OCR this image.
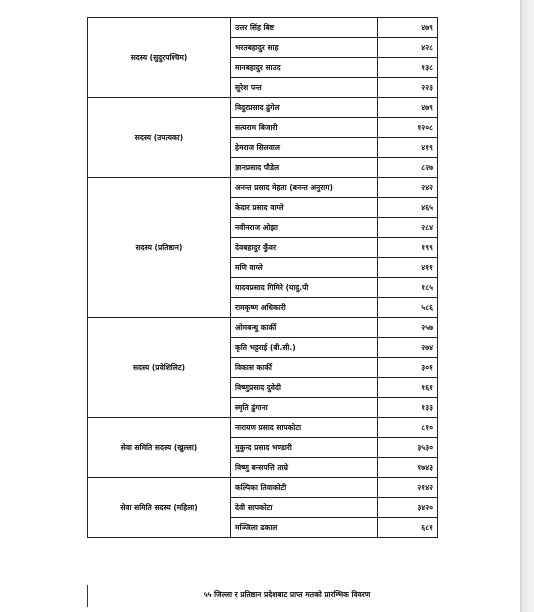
सदस्य (सुदुरपश्चिम)	उत्तर सिंह बिष्ट	४७९
	भरतबहादुर साह	४२८
	मानबहादुर साउद	१३८
	सुरेश पन्त	२२३
सदस्य (उपत्यका)	विदुरप्रसाद ढुंगेल	४७९
	सत्यराम बिजारी	१२०८
	हेमराज सिलवाल	४१९
	ज्ञानप्रसाद पौडेल	८२७
सदस्य (प्रतिष्ठान)	अनन्त प्रसाद मेहता (बनन्त अनुराग)	२४२
	केदार प्रसाद वाग्ले	४६५
	नवीनराज ओझा	२८४
	देवबहादुर कुँवर	१९९
	मणि वाग्ले	४११
	यादवप्रसाद गिमिरे (यादु.पी	१८५
	रामकृष्ण अधिकारी	५८६
सदस्य (प्रवेशिलिट)	ओमबन्धु कार्की	२५७
	कृति भट्टराई (बी.सी.)	२७४
	विकास कार्की	३०१
	विष्णुप्रसाद दुवेदी	१६१
	स्मृति ढुंगाना	१३३
सेवा समिति सदस्य (खुल्ला)	नारायण प्रसाद सापकोटा	८१०
	मुकुन्द प्रसाद भण्डारी	३५३०
	विष्णु बन्सपत्ति ताम्रे	१७४३
सेवा समिति सदस्य (महिला)	कल्पिका तिवाकोटी	२१४२
	देवी सापकोटा	३४२०
	मञ्जिला ढकाल	६८१
५५ जिल्ला र प्रतिष्ठान प्रदेशबाट प्राप्त मतको प्रारम्भिक विवरण
